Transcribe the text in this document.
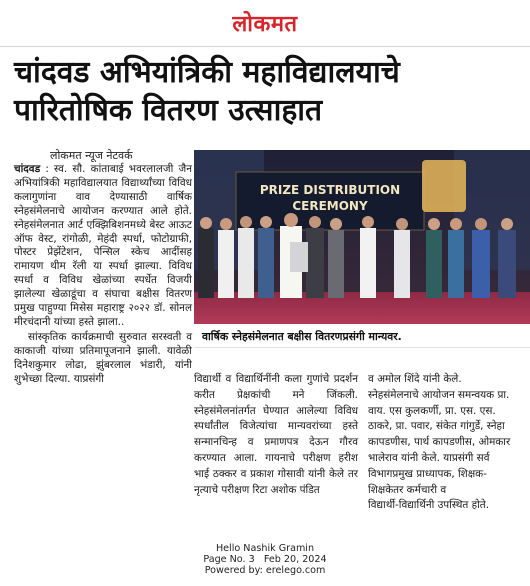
लोकमत
चांदवड अभियांत्रिकी महाविद्यालयाचे
पारितोषिक वितरण उत्साहात
लोकमत न्यूज नेटवर्क

चांदवड : स्व. सौ. कांताबाई भवरलालजी जैन अभियांत्रिकी महाविद्यालयात विद्यार्थ्यांच्या विविध कलागुणांना वाव देण्यासाठी वार्षिक स्नेहसंमेलनाचे आयोजन करण्यात आले होते. स्नेहसंमेलनात आर्ट एक्झिबिशनमध्ये बेस्ट आऊट ऑफ वेस्ट, रांगोळी, मेहंदी स्पर्धा, फोटोग्राफी, पोस्टर प्रेझेंटेशन, पेन्सिल स्केच आदींसह रामायण थीम रॅली या स्पर्धा झाल्या. विविध स्पर्धा व विविध खेळांच्या स्पर्धेत विजयी झालेल्या खेळाडूंचा व संघाचा बक्षीस वितरण प्रमुख पाहुण्या मिसेस महाराष्ट्र २०२२ डॉ. सोनल मीरचंदानी यांच्या हस्ते झाला..

सांस्कृतिक कार्यक्रमाची सुरुवात सरस्वती व काकाजी यांच्या प्रतिमापूजनाने झाली. यावेळी दिनेशकुमार लोढा, झुंबरलाल भंडारी, यांनी शुभेच्छा दिल्या. याप्रसंगी

PRIZE DISTRIBUTION
CEREMONY
वार्षिक स्नेहसंमेलनात बक्षीस वितरणप्रसंगी मान्यवर.
विद्यार्थी व विद्यार्थिनींनी कला गुणांचे प्रदर्शन करीत प्रेक्षकांची मने जिंकली. स्नेहसंमेलनांतर्गत घेण्यात आलेल्या विविध स्पर्धांतील विजेत्यांचा मान्यवरांच्या हस्ते सन्मानचिन्ह व प्रमाणपत्र देऊन गौरव करण्यात आला. गायनाचे परीक्षण हरीश भाई ठक्कर व प्रकाश गोसावी यांनी केले तर नृत्याचे परीक्षण रिटा अशोक पंडित
व अमोल शिंदे यांनी केले.
स्नेहसंमेलनाचे आयोजन समन्वयक प्रा.
वाय. एस कुलकर्णी, प्रा. एस. एस.
ठाकरे, प्रा. पवार, संकेत गांगुर्डे, स्नेहा
कापडणीस, पार्थ कापडणीस, ओमकार
भालेराव यांनी केले. याप्रसंगी सर्व
विभागप्रमुख प्राध्यापक, शिक्षक-
शिक्षकेतर कर्मचारी व
विद्यार्थी-विद्यार्थिनी उपस्थित होते.
Hello Nashik Gramin
Page No. 3   Feb 20, 2024
Powered by: erelego.com
